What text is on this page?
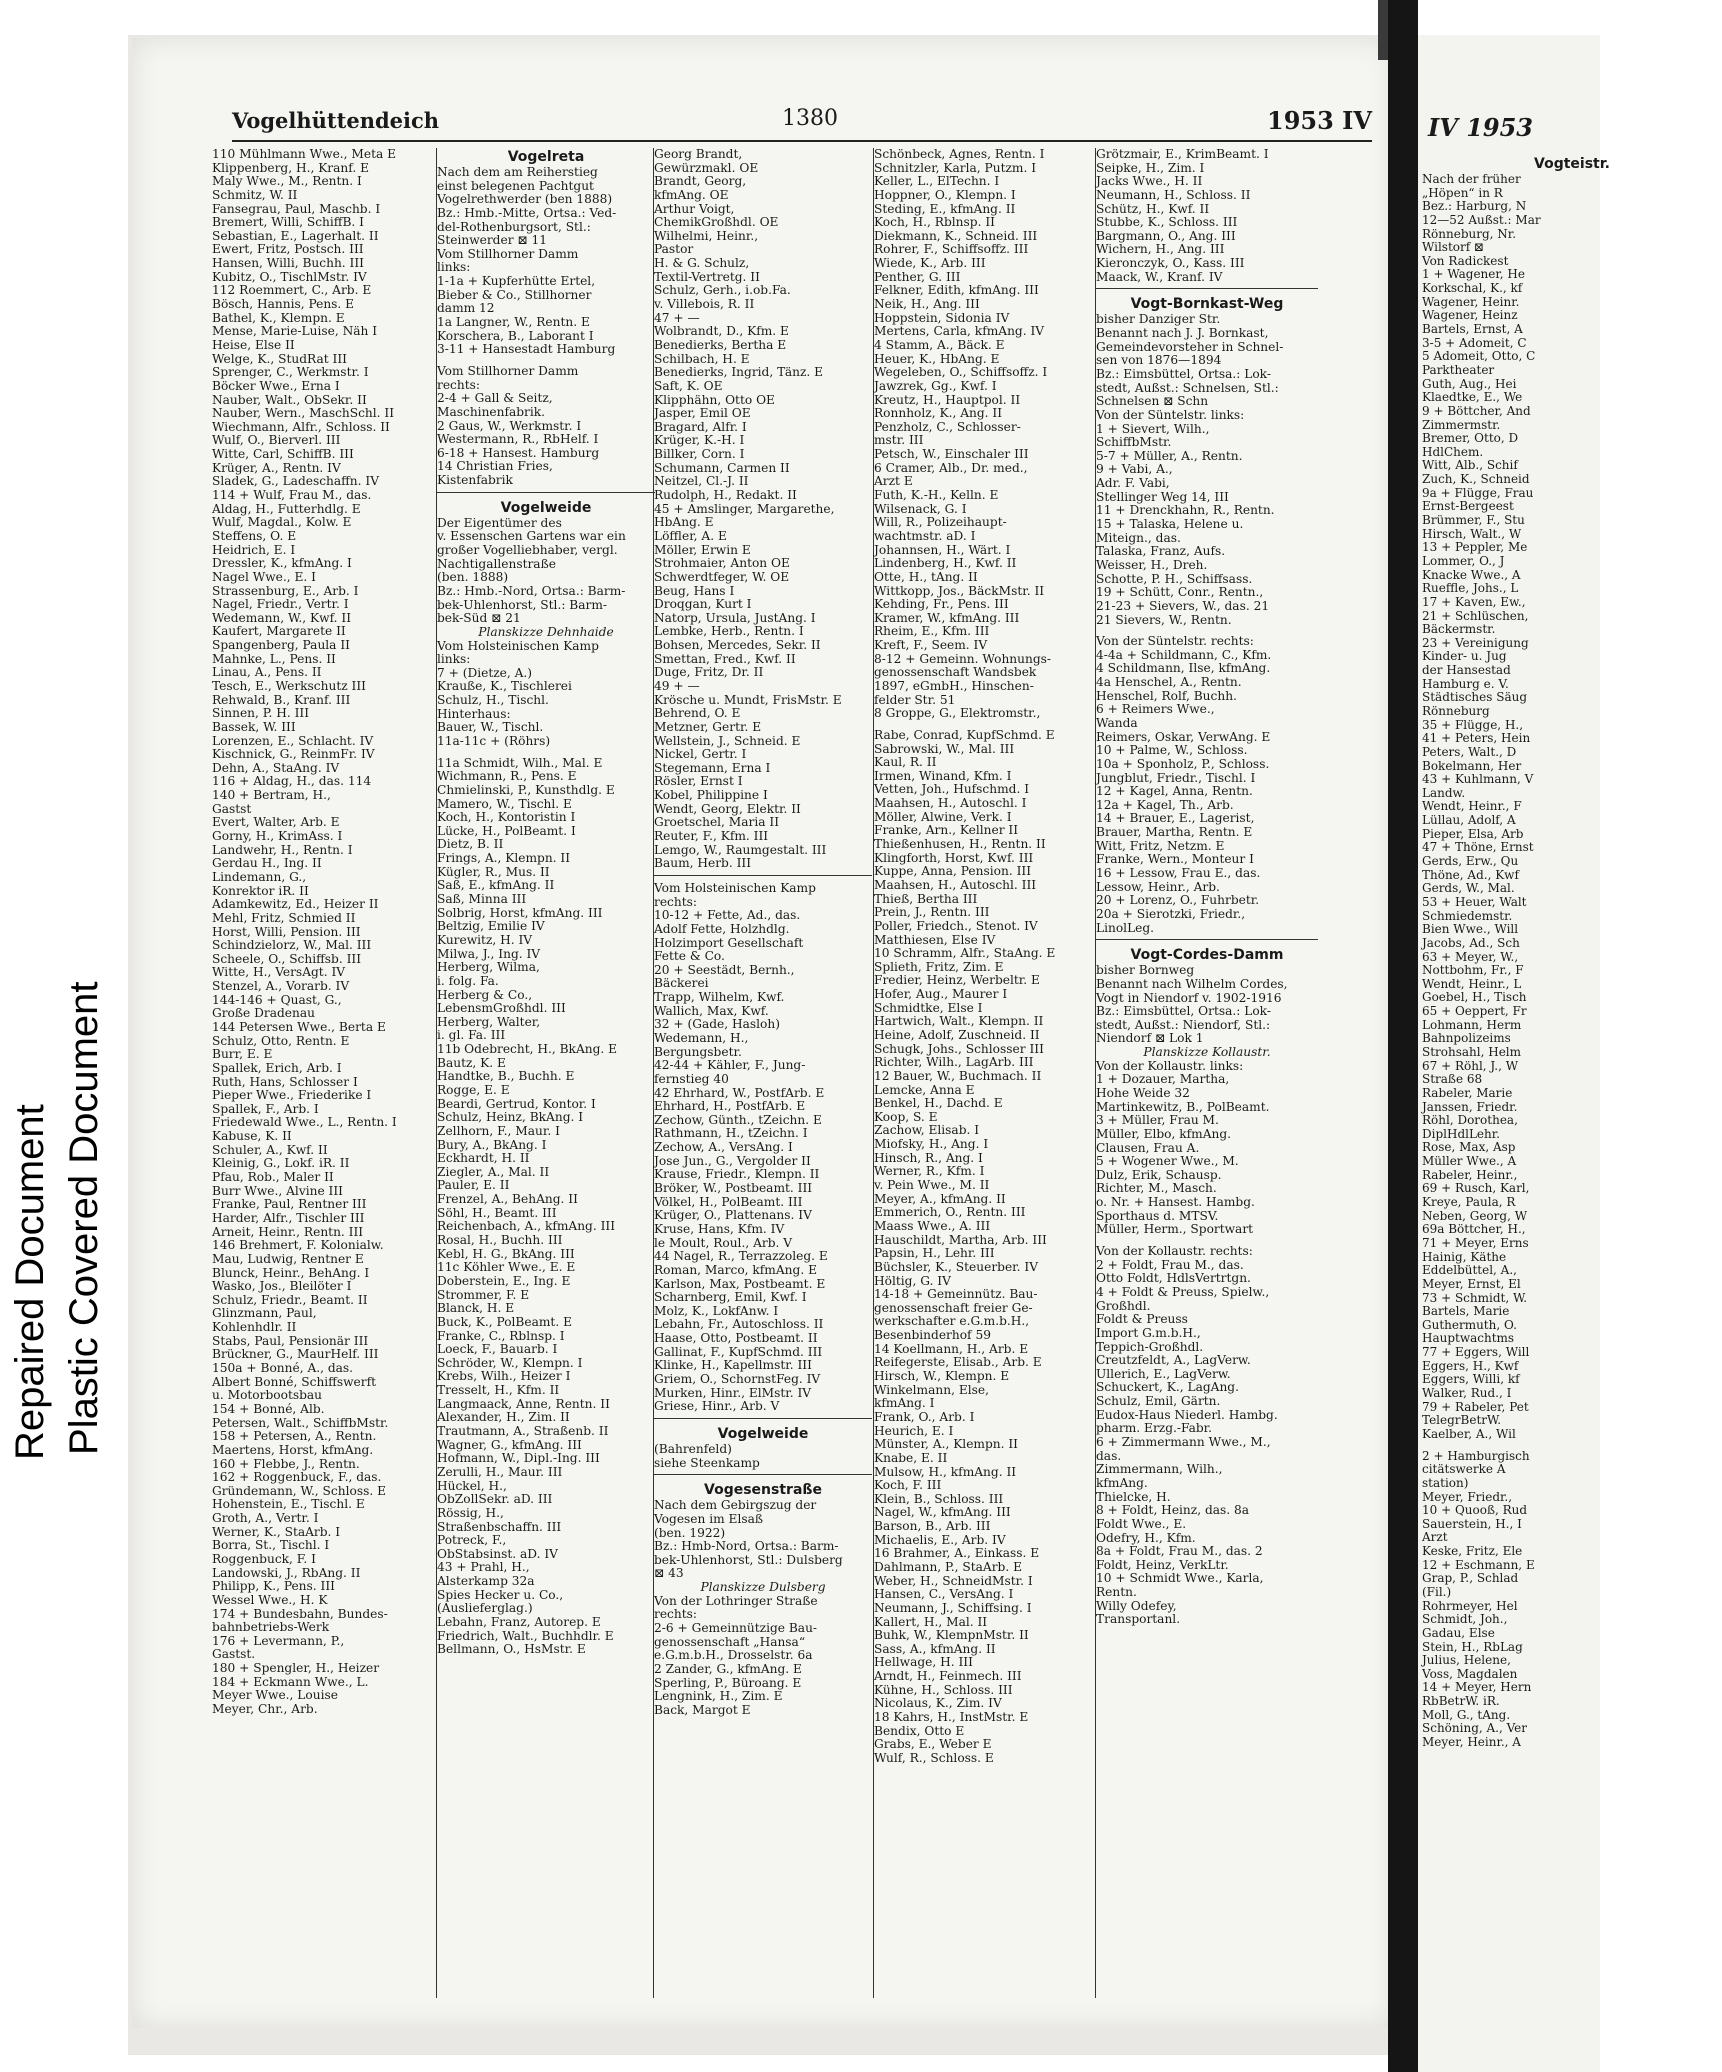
Repaired Document Plastic Covered Document
Vogelhüttendeich	1380	1953 IV
110 Mühlmann Wwe., Meta E
Klippenberg, H., Kranf. E
Maly Wwe., M., Rentn. I
Schmitz, W. II
Fansegrau, Paul, Maschb. I
Bremert, Willi, SchiffB. I
Sebastian, E., Lagerhalt. II
Ewert, Fritz, Postsch. III
Hansen, Willi, Buchh. III
Kubitz, O., TischlMstr. IV
112 Roemmert, C., Arb. E
Bösch, Hannis, Pens. E
Bathel, K., Klempn. E
Mense, Marie-Luise, Näh I
Heise, Else II
Welge, K., StudRat III
Sprenger, C., Werkmstr. I
Böcker Wwe., Erna I
Nauber, Walt., ObSekr. II
Nauber, Wern., MaschSchl. II
Wiechmann, Alfr., Schloss. II
Wulf, O., Bierverl. III
Witte, Carl, SchiffB. III
Krüger, A., Rentn. IV
Sladek, G., Ladeschaffn. IV
114 + Wulf, Frau M., das.
Aldag, H., Futterhdlg. E
Wulf, Magdal., Kolw. E
Steffens, O. E
Heidrich, E. I
Dressler, K., kfmAng. I
Nagel Wwe., E. I
Strassenburg, E., Arb. I
Nagel, Friedr., Vertr. I
Wedemann, W., Kwf. II
Kaufert, Margarete II
Spangenberg, Paula II
Mahnke, L., Pens. II
Linau, A., Pens. II
Tesch, E., Werkschutz III
Rehwald, B., Kranf. III
Sinnen, P. H. III
Bassek, W. III
Lorenzen, E., Schlacht. IV
Kischnick, G., ReinmFr. IV
Dehn, A., StaAng. IV
116 + Aldag, H., das. 114
140 + Bertram, H.,
Gastst
Evert, Walter, Arb. E
Gorny, H., KrimAss. I
Landwehr, H., Rentn. I
Gerdau H., Ing. II
Lindemann, G.,
Konrektor iR. II
Adamkewitz, Ed., Heizer II
Mehl, Fritz, Schmied II
Horst, Willi, Pension. III
Schindzielorz, W., Mal. III
Scheele, O., Schiffsb. III
Witte, H., VersAgt. IV
Stenzel, A., Vorarb. IV
144-146 + Quast, G.,
Große Dradenau
144 Petersen Wwe., Berta E
Schulz, Otto, Rentn. E
Burr, E. E
Spallek, Erich, Arb. I
Ruth, Hans, Schlosser I
Pieper Wwe., Friederike I
Spallek, F., Arb. I
Friedewald Wwe., L., Rentn. I
Kabuse, K. II
Schuler, A., Kwf. II
Kleinig, G., Lokf. iR. II
Pfau, Rob., Maler II
Burr Wwe., Alvine III
Franke, Paul, Rentner III
Harder, Alfr., Tischler III
Arneit, Heinr., Rentn. III
146 Brehmert, F. Kolonialw.
Mau, Ludwig, Rentner E
Blunck, Heinr., BehAng. I
Wasko, Jos., Bleilöter I
Schulz, Friedr., Beamt. II
Glinzmann, Paul,
Kohlenhdlr. II
Stabs, Paul, Pensionär III
Brückner, G., MaurHelf. III
150a + Bonné, A., das.
Albert Bonné, Schiffswerft
u. Motorbootsbau
154 + Bonné, Alb.
Petersen, Walt., SchiffbMstr.
158 + Petersen, A., Rentn.
Maertens, Horst, kfmAng.
160 + Flebbe, J., Rentn.
162 + Roggenbuck, F., das.
Gründemann, W., Schloss. E
Hohenstein, E., Tischl. E
Groth, A., Vertr. I
Werner, K., StaArb. I
Borra, St., Tischl. I
Roggenbuck, F. I
Landowski, J., RbAng. II
Philipp, K., Pens. III
Wessel Wwe., H. K
174 + Bundesbahn, Bundes-
bahnbetriebs-Werk
176 + Levermann, P.,
Gastst.
180 + Spengler, H., Heizer
184 + Eckmann Wwe., L.
Meyer Wwe., Louise
Meyer, Chr., Arb.
Vogelreta
Nach dem am Reiherstieg
einst belegenen Pachtgut
Vogelrethwerder (ben 1888)
Bz.: Hmb.-Mitte, Ortsa.: Ved-
del-Rothenburgsort, Stl.:
Steinwerder ⊠ 11
Vom Stillhorner Damm
links:
1-1a + Kupferhütte Ertel,
Bieber & Co., Stillhorner
damm 12
1a Langner, W., Rentn. E
Korschera, B., Laborant I
3-11 + Hansestadt Hamburg
Vom Stillhorner Damm
rechts:
2-4 + Gall & Seitz,
Maschinenfabrik.
2 Gaus, W., Werkmstr. I
Westermann, R., RbHelf. I
6-18 + Hansest. Hamburg
14 Christian Fries,
Kistenfabrik
Vogelweide
Der Eigentümer des
v. Essenschen Gartens war ein
großer Vogelliebhaber, vergl.
Nachtigallenstraße
(ben. 1888)
Bz.: Hmb.-Nord, Ortsa.: Barm-
bek-Uhlenhorst, Stl.: Barm-
bek-Süd ⊠ 21
Planskizze Dehnhaide
Vom Holsteinischen Kamp
links:
7 + (Dietze, A.)
Krauße, K., Tischlerei
Schulz, H., Tischl.
Hinterhaus:
Bauer, W., Tischl.
11a-11c + (Röhrs)
11a Schmidt, Wilh., Mal. E
Wichmann, R., Pens. E
Chmielinski, P., Kunsthdlg. E
Mamero, W., Tischl. E
Koch, H., Kontoristin I
Lücke, H., PolBeamt. I
Dietz, B. II
Frings, A., Klempn. II
Kügler, R., Mus. II
Saß, E., kfmAng. II
Saß, Minna III
Solbrig, Horst, kfmAng. III
Beltzig, Emilie IV
Kurewitz, H. IV
Milwa, J., Ing. IV
Herberg, Wilma,
i. folg. Fa.
Herberg & Co.,
LebensmGroßhdl. III
Herberg, Walter,
i. gl. Fa. III
11b Odebrecht, H., BkAng. E
Bautz, K. E
Handtke, B., Buchh. E
Rogge, E. E
Beardi, Gertrud, Kontor. I
Schulz, Heinz, BkAng. I
Zellhorn, F., Maur. I
Bury, A., BkAng. I
Eckhardt, H. II
Ziegler, A., Mal. II
Pauler, E. II
Frenzel, A., BehAng. II
Söhl, H., Beamt. III
Reichenbach, A., kfmAng. III
Rosal, H., Buchh. III
Kebl, H. G., BkAng. III
11c Köhler Wwe., E. E
Doberstein, E., Ing. E
Strommer, F. E
Blanck, H. E
Buck, K., PolBeamt. E
Franke, C., Rblnsp. I
Loeck, F., Bauarb. I
Schröder, W., Klempn. I
Krebs, Wilh., Heizer I
Tresselt, H., Kfm. II
Langmaack, Anne, Rentn. II
Alexander, H., Zim. II
Trautmann, A., Straßenb. II
Wagner, G., kfmAng. III
Hofmann, W., Dipl.-Ing. III
Zerulli, H., Maur. III
Hückel, H.,
ObZollSekr. aD. III
Rössig, H.,
Straßenbschaffn. III
Potreck, F.,
ObStabsinst. aD. IV
43 + Prahl, H.,
Alsterkamp 32a
Spies Hecker u. Co.,
(Auslieferglag.)
Lebahn, Franz, Autorep. E
Friedrich, Walt., Buchhdlr. E
Bellmann, O., HsMstr. E
Georg Brandt,
Gewürzmakl. OE
Brandt, Georg,
kfmAng. OE
Arthur Voigt,
ChemikGroßhdl. OE
Wilhelmi, Heinr.,
Pastor
H. & G. Schulz,
Textil-Vertretg. II
Schulz, Gerh., i.ob.Fa.
v. Villebois, R. II
47 + —
Wolbrandt, D., Kfm. E
Benedierks, Bertha E
Schilbach, H. E
Benedierks, Ingrid, Tänz. E
Saft, K. OE
Klipphähn, Otto OE
Jasper, Emil OE
Bragard, Alfr. I
Krüger, K.-H. I
Billker, Corn. I
Schumann, Carmen II
Neitzel, Cl.-J. II
Rudolph, H., Redakt. II
45 + Amslinger, Margarethe,
HbAng. E
Löffler, A. E
Möller, Erwin E
Strohmaier, Anton OE
Schwerdtfeger, W. OE
Beug, Hans I
Droqgan, Kurt I
Natorp, Ursula, JustAng. I
Lembke, Herb., Rentn. I
Bohsen, Mercedes, Sekr. II
Smettan, Fred., Kwf. II
Duge, Fritz, Dr. II
49 + —
Krösche u. Mundt, FrisMstr. E
Behrend, O. E
Metzner, Gertr. E
Wellstein, J., Schneid. E
Nickel, Gertr. I
Stegemann, Erna I
Rösler, Ernst I
Kobel, Philippine I
Wendt, Georg, Elektr. II
Groetschel, Maria II
Reuter, F., Kfm. III
Lemgo, W., Raumgestalt. III
Baum, Herb. III
Vom Holsteinischen Kamp
rechts:
10-12 + Fette, Ad., das.
Adolf Fette, Holzhdlg.
Holzimport Gesellschaft
Fette & Co.
20 + Seestädt, Bernh.,
Bäckerei
Trapp, Wilhelm, Kwf.
Wallich, Max, Kwf.
32 + (Gade, Hasloh)
Wedemann, H.,
Bergungsbetr.
42-44 + Kähler, F., Jung-
fernstieg 40
42 Ehrhard, W., PostfArb. E
Ehrhard, H., PostfArb. E
Zechow, Günth., tZeichn. E
Rathmann, H., tZeichn. I
Zechow, A., VersAng. I
Jose Jun., G., Vergolder II
Krause, Friedr., Klempn. II
Bröker, W., Postbeamt. III
Völkel, H., PolBeamt. III
Krüger, O., Plattenans. IV
Kruse, Hans, Kfm. IV
le Moult, Roul., Arb. V
44 Nagel, R., Terrazzoleg. E
Roman, Marco, kfmAng. E
Karlson, Max, Postbeamt. E
Scharnberg, Emil, Kwf. I
Molz, K., LokfAnw. I
Lebahn, Fr., Autoschloss. II
Haase, Otto, Postbeamt. II
Gallinat, F., KupfSchmd. III
Klinke, H., Kapellmstr. III
Griem, O., SchornstFeg. IV
Murken, Hinr., ElMstr. IV
Griese, Hinr., Arb. V
Vogelweide
(Bahrenfeld)
siehe Steenkamp
Vogesenstraße
Nach dem Gebirgszug der
Vogesen im Elsaß
(ben. 1922)
Bz.: Hmb-Nord, Ortsa.: Barm-
bek-Uhlenhorst, Stl.: Dulsberg
⊠ 43
Planskizze Dulsberg
Von der Lothringer Straße
rechts:
2-6 + Gemeinnützige Bau-
genossenschaft „Hansa“
e.G.m.b.H., Drosselstr. 6a
2 Zander, G., kfmAng. E
Sperling, P., Büroang. E
Lengnink, H., Zim. E
Back, Margot E
Schönbeck, Agnes, Rentn. I
Schnitzler, Karla, Putzm. I
Keller, L., ElTechn. I
Hoppner, O., Klempn. I
Steding, E., kfmAng. II
Koch, H., Rblnsp. II
Diekmann, K., Schneid. III
Rohrer, F., Schiffsoffz. III
Wiede, K., Arb. III
Penther, G. III
Felkner, Edith, kfmAng. III
Neik, H., Ang. III
Hoppstein, Sidonia IV
Mertens, Carla, kfmAng. IV
4 Stamm, A., Bäck. E
Heuer, K., HbAng. E
Wegeleben, O., Schiffsoffz. I
Jawzrek, Gg., Kwf. I
Kreutz, H., Hauptpol. II
Ronnholz, K., Ang. II
Penzholz, C., Schlosser-
mstr. III
Petsch, W., Einschaler III
6 Cramer, Alb., Dr. med.,
Arzt E
Futh, K.-H., Kelln. E
Wilsenack, G. I
Will, R., Polizeihaupt-
wachtmstr. aD. I
Johannsen, H., Wärt. I
Lindenberg, H., Kwf. II
Otte, H., tAng. II
Wittkopp, Jos., BäckMstr. II
Kehding, Fr., Pens. III
Kramer, W., kfmAng. III
Rheim, E., Kfm. III
Kreft, F., Seem. IV
8-12 + Gemeinn. Wohnungs-
genossenschaft Wandsbek
1897, eGmbH., Hinschen-
felder Str. 51
8 Groppe, G., Elektromstr.,
Rabe, Conrad, KupfSchmd. E
Sabrowski, W., Mal. III
Kaul, R. II
Irmen, Winand, Kfm. I
Vetten, Joh., Hufschmd. I
Maahsen, H., Autoschl. I
Möller, Alwine, Verk. I
Franke, Arn., Kellner II
Thießenhusen, H., Rentn. II
Klingforth, Horst, Kwf. III
Kuppe, Anna, Pension. III
Maahsen, H., Autoschl. III
Thieß, Bertha III
Prein, J., Rentn. III
Poller, Friedch., Stenot. IV
Matthiesen, Else IV
10 Schramm, Alfr., StaAng. E
Splieth, Fritz, Zim. E
Fredier, Heinz, Werbeltr. E
Hofer, Aug., Maurer I
Schmidtke, Else I
Hartwich, Walt., Klempn. II
Heine, Adolf, Zuschneid. II
Schugk, Johs., Schlosser III
Richter, Wilh., LagArb. III
12 Bauer, W., Buchmach. II
Lemcke, Anna E
Benkel, H., Dachd. E
Koop, S. E
Zachow, Elisab. I
Miofsky, H., Ang. I
Hinsch, R., Ang. I
Werner, R., Kfm. I
v. Pein Wwe., M. II
Meyer, A., kfmAng. II
Emmerich, O., Rentn. III
Maass Wwe., A. III
Hauschildt, Martha, Arb. III
Papsin, H., Lehr. III
Büchsler, K., Steuerber. IV
Höltig, G. IV
14-18 + Gemeinnütz. Bau-
genossenschaft freier Ge-
werkschafter e.G.m.b.H.,
Besenbinderhof 59
14 Koellmann, H., Arb. E
Reifegerste, Elisab., Arb. E
Hirsch, W., Klempn. E
Winkelmann, Else,
kfmAng. I
Frank, O., Arb. I
Heurich, E. I
Münster, A., Klempn. II
Knabe, E. II
Mulsow, H., kfmAng. II
Koch, F. III
Klein, B., Schloss. III
Nagel, W., kfmAng. III
Barson, B., Arb. III
Michaelis, E., Arb. IV
16 Brahmer, A., Einkass. E
Dahlmann, P., StaArb. E
Weber, H., SchneidMstr. I
Hansen, C., VersAng. I
Neumann, J., Schiffsing. I
Kallert, H., Mal. II
Buhk, W., KlempnMstr. II
Sass, A., kfmAng. II
Hellwage, H. III
Arndt, H., Feinmech. III
Kühne, H., Schloss. III
Nicolaus, K., Zim. IV
18 Kahrs, H., InstMstr. E
Bendix, Otto E
Grabs, E., Weber E
Wulf, R., Schloss. E
Grötzmair, E., KrimBeamt. I
Seipke, H., Zim. I
Jacks Wwe., H. II
Neumann, H., Schloss. II
Schütz, H., Kwf. II
Stubbe, K., Schloss. III
Bargmann, O., Ang. III
Wichern, H., Ang. III
Kieronczyk, O., Kass. III
Maack, W., Kranf. IV
Vogt-Bornkast-Weg
bisher Danziger Str.
Benannt nach J. J. Bornkast,
Gemeindevorsteher in Schnel-
sen von 1876—1894
Bz.: Eimsbüttel, Ortsa.: Lok-
stedt, Außst.: Schnelsen, Stl.:
Schnelsen ⊠ Schn
Von der Süntelstr. links:
1 + Sievert, Wilh.,
SchiffbMstr.
5-7 + Müller, A., Rentn.
9 + Vabi, A.,
Adr. F. Vabi,
Stellinger Weg 14, III
11 + Drenckhahn, R., Rentn.
15 + Talaska, Helene u.
Miteign., das.
Talaska, Franz, Aufs.
Weisser, H., Dreh.
Schotte, P. H., Schiffsass.
19 + Schütt, Conr., Rentn.,
21-23 + Sievers, W., das. 21
21 Sievers, W., Rentn.
Von der Süntelstr. rechts:
4-4a + Schildmann, C., Kfm.
4 Schildmann, Ilse, kfmAng.
4a Henschel, A., Rentn.
Henschel, Rolf, Buchh.
6 + Reimers Wwe.,
Wanda
Reimers, Oskar, VerwAng. E
10 + Palme, W., Schloss.
10a + Sponholz, P., Schloss.
Jungblut, Friedr., Tischl. I
12 + Kagel, Anna, Rentn.
12a + Kagel, Th., Arb.
14 + Brauer, E., Lagerist,
Brauer, Martha, Rentn. E
Witt, Fritz, Netzm. E
Franke, Wern., Monteur I
16 + Lessow, Frau E., das.
Lessow, Heinr., Arb.
20 + Lorenz, O., Fuhrbetr.
20a + Sierotzki, Friedr.,
LinolLeg.
Vogt-Cordes-Damm
bisher Bornweg
Benannt nach Wilhelm Cordes,
Vogt in Niendorf v. 1902-1916
Bz.: Eimsbüttel, Ortsa.: Lok-
stedt, Außst.: Niendorf, Stl.:
Niendorf ⊠ Lok 1
Planskizze Kollaustr.
Von der Kollaustr. links:
1 + Dozauer, Martha,
Hohe Weide 32
Martinkewitz, B., PolBeamt.
3 + Müller, Frau M.
Müller, Elbo, kfmAng.
Clausen, Frau A.
5 + Wogener Wwe., M.
Dulz, Erik, Schausp.
Richter, M., Masch.
o. Nr. + Hansest. Hambg.
Sporthaus d. MTSV.
Müller, Herm., Sportwart
Von der Kollaustr. rechts:
2 + Foldt, Frau M., das.
Otto Foldt, HdlsVertrtgn.
4 + Foldt & Preuss, Spielw.,
Großhdl.
Foldt & Preuss
Import G.m.b.H.,
Teppich-Großhdl.
Creutzfeldt, A., LagVerw.
Ullerich, E., LagVerw.
Schuckert, K., LagAng.
Schulz, Emil, Gärtn.
Eudox-Haus Niederl. Hambg.
pharm. Erzg.-Fabr.
6 + Zimmermann Wwe., M.,
das.
Zimmermann, Wilh.,
kfmAng.
Thielcke, H.
8 + Foldt, Heinz, das. 8a
Foldt Wwe., E.
Odefry, H., Kfm.
8a + Foldt, Frau M., das. 2
Foldt, Heinz, VerkLtr.
10 + Schmidt Wwe., Karla,
Rentn.
Willy Odefey,
Transportanl.
IV 1953
Vogteistr.
Nach der früher
„Höpen“ in R
Bez.: Harburg, N
12—52 Außst.: Mar
Rönneburg, Nr.
Wilstorf ⊠
Von Radickest
1 + Wagener, He
Korkschal, K., kf
Wagener, Heinr.
Wagener, Heinz
Bartels, Ernst, A
3-5 + Adomeit, C
5 Adomeit, Otto, C
Parktheater
Guth, Aug., Hei
Klaedtke, E., We
9 + Böttcher, And
Zimmermstr.
Bremer, Otto, D
HdlChem.
Witt, Alb., Schif
Zuch, K., Schneid
9a + Flügge, Frau
Ernst-Bergeest
Brümmer, F., Stu
Hirsch, Walt., W
13 + Peppler, Me
Lommer, O., J
Knacke Wwe., A
Rueffle, Johs., L
17 + Kaven, Ew.,
21 + Schlüschen,
Bäckermstr.
23 + Vereinigung
Kinder- u. Jug
der Hansestad
Hamburg e. V.
Städtisches Säug
Rönneburg
35 + Flügge, H.,
41 + Peters, Hein
Peters, Walt., D
Bokelmann, Her
43 + Kuhlmann, V
Landw.
Wendt, Heinr., F
Lüllau, Adolf, A
Pieper, Elsa, Arb
47 + Thöne, Ernst
Gerds, Erw., Qu
Thöne, Ad., Kwf
Gerds, W., Mal.
53 + Heuer, Walt
Schmiedemstr.
Bien Wwe., Will
Jacobs, Ad., Sch
63 + Meyer, W.,
Nottbohm, Fr., F
Wendt, Heinr., L
Goebel, H., Tisch
65 + Oeppert, Fr
Lohmann, Herm
Bahnpolizeims
Strohsahl, Helm
67 + Röhl, J., W
Straße 68
Rabeler, Marie
Janssen, Friedr.
Röhl, Dorothea,
DiplHdlLehr.
Rose, Max, Asp
Müller Wwe., A
Rabeler, Heinr.,
69 + Rusch, Karl,
Kreye, Paula, R
Neben, Georg, W
69a Böttcher, H.,
71 + Meyer, Erns
Hainig, Käthe
Eddelbüttel, A.,
Meyer, Ernst, El
73 + Schmidt, W.
Bartels, Marie
Guthermuth, O.
Hauptwachtms
77 + Eggers, Will
Eggers, H., Kwf
Eggers, Willi, kf
Walker, Rud., I
79 + Rabeler, Pet
TelegrBetrW.
Kaelber, A., Wil
2 + Hamburgisch
citätswerke A
station)
Meyer, Friedr.,
10 + Quooß, Rud
Sauerstein, H., I
Arzt
Keske, Fritz, Ele
12 + Eschmann, E
Grap, P., Schlad
(Fil.)
Rohrmeyer, Hel
Schmidt, Joh.,
Gadau, Else
Stein, H., RbLag
Julius, Helene,
Voss, Magdalen
14 + Meyer, Hern
RbBetrW. iR.
Moll, G., tAng.
Schöning, A., Ver
Meyer, Heinr., A
